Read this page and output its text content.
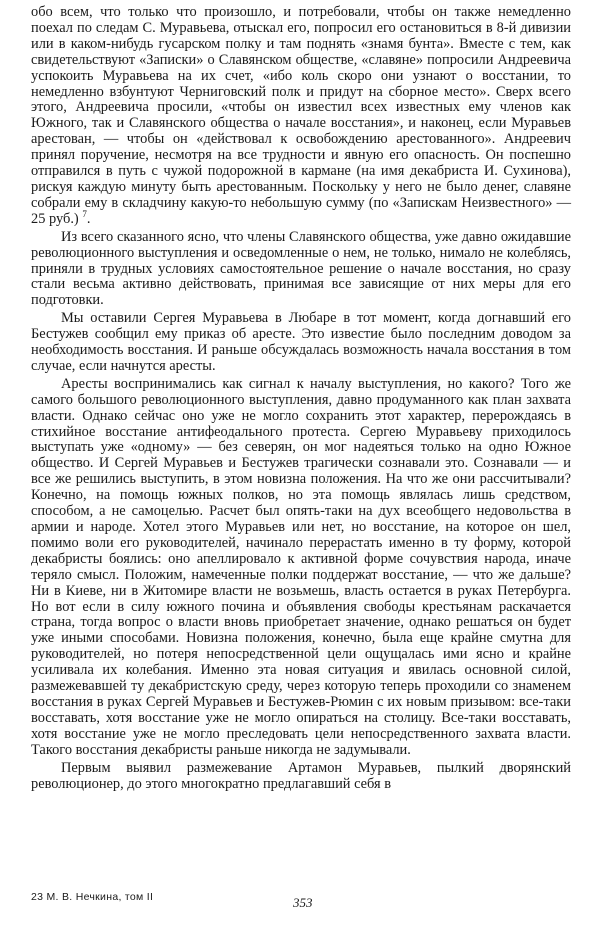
обо всем, что только что произошло, и потребовали, чтобы он также немедленно поехал по следам С. Муравьева, отыскал его, попросил его остановиться в 8-й дивизии или в каком-нибудь гусарском полку и там поднять «знамя бунта». Вместе с тем, как свидетельствуют «Записки» о Славянском обществе, «славяне» попросили Андреевича успокоить Муравьева на их счет, «ибо коль скоро они узнают о восстании, то немедленно взбунтуют Черниговский полк и придут на сборное место». Сверх всего этого, Андреевича просили, «чтобы он известил всех известных ему членов как Южного, так и Славянского общества о начале восстания», и наконец, если Муравьев арестован, — чтобы он «действовал к освобождению арестованного». Андреевич принял поручение, несмотря на все трудности и явную его опасность. Он поспешно отправился в путь с чужой подорожной в кармане (на имя декабриста И. Сухинова), рискуя каждую минуту быть арестованным. Поскольку у него не было денег, славяне собрали ему в складчину какую-то небольшую сумму (по «Запискам Неизвестного» — 25 руб.) $^7$.

Из всего сказанного ясно, что члены Славянского общества, уже давно ожидавшие революционного выступления и осведомленные о нем, не только, нимало не колеблясь, приняли в трудных условиях самостоятельное решение о начале восстания, но сразу стали весьма активно действовать, принимая все зависящие от них меры для его подготовки.

Мы оставили Сергея Муравьева в Любаре в тот момент, когда догнавший его Бестужев сообщил ему приказ об аресте. Это известие было последним доводом за необходимость восстания. И раньше обсуждалась возможность начала восстания в том случае, если начнутся аресты.

Аресты воспринимались как сигнал к началу выступления, но какого? Того же самого большого революционного выступления, давно продуманного как план захвата власти. Однако сейчас оно уже не могло сохранить этот характер, перерождаясь в стихийное восстание антифеодального протеста. Сергею Муравьеву приходилось выступать уже «одному» — без северян, он мог надеяться только на одно Южное общество. И Сергей Муравьев и Бестужев трагически сознавали это. Сознавали — и все же решились выступить, в этом новизна положения. На что же они рассчитывали? Конечно, на помощь южных полков, но эта помощь являлась лишь средством, способом, а не самоцелью. Расчет был опять-таки на дух всеобщего недовольства в армии и народе. Хотел этого Муравьев или нет, но восстание, на которое он шел, помимо воли его руководителей, начинало перерастать именно в ту форму, которой декабристы боялись: оно апеллировало к активной форме сочувствия народа, иначе теряло смысл. Положим, намеченные полки поддержат восстание, — что же дальше? Ни в Киеве, ни в Житомире власти не возьмешь, власть остается в руках Петербурга. Но вот если в силу южного почина и объявления свободы крестьянам раскачается страна, тогда вопрос о власти вновь приобретает значение, однако решаться он будет уже иными способами. Новизна положения, конечно, была еще крайне смутна для руководителей, но потеря непосредственной цели ощущалась ими ясно и крайне усиливала их колебания. Именно эта новая ситуация и явилась основной силой, размежевавшей ту декабристскую среду, через которую теперь проходили со знаменем восстания в руках Сергей Муравьев и Бестужев-Рюмин с их новым призывом: все-таки восставать, хотя восстание уже не могло опираться на столицу. Все-таки восставать, хотя восстание уже не могло преследовать цели непосредственного захвата власти. Такого восстания декабристы раньше никогда не задумывали.

Первым выявил размежевание Артамон Муравьев, пылкий дворянский революционер, до этого многократно предлагавший себя в

23 М. В. Нечкина, том II	353
